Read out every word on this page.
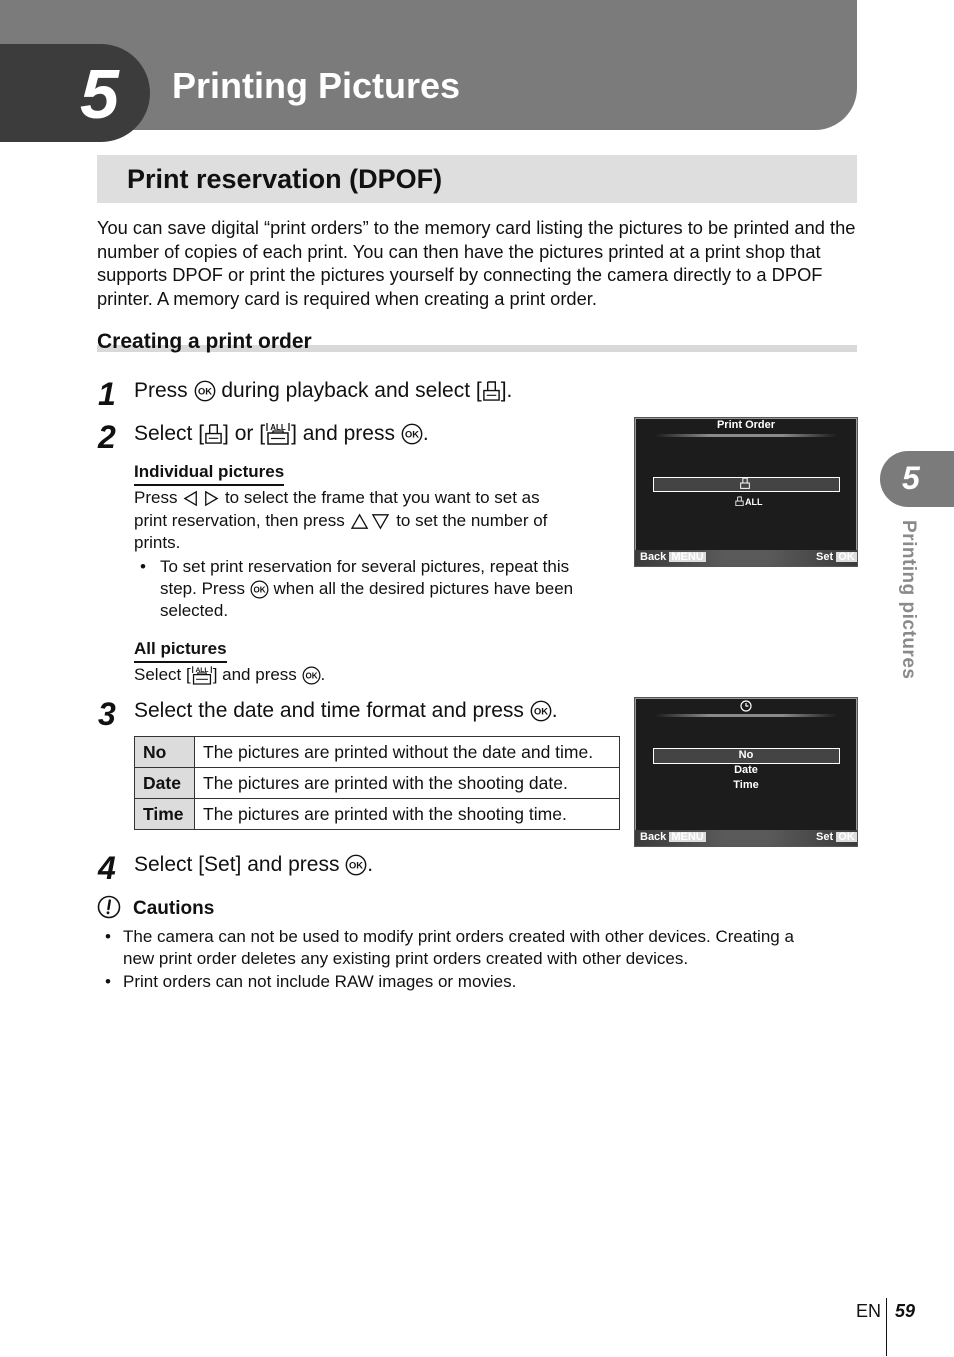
5 Printing Pictures
Print reservation (DPOF)
You can save digital “print orders” to the memory card listing the pictures to be printed and the number of copies of each print. You can then have the pictures printed at a print shop that supports DPOF or print the pictures yourself by connecting the camera directly to a DPOF printer. A memory card is required when creating a print order.
Creating a print order
1 Press during playback and select [ ].
2 Select [ ] or [ ] and press .
Individual pictures
Press	to select the frame that you want to set as
print reservation, then press	to set the number of
prints.
• To set print reservation for several pictures, repeat this
step. Press when all the desired pictures have been
selected.
All pictures
Select [ ] and press .
Print Order
ALL
Back MENU	Set OK
3 Select the date and time format and press .
No	The pictures are printed without the date and time.
Date	The pictures are printed with the shooting date.
Time	The pictures are printed with the shooting time.
No
Date
Time
Back MENU	Set OK
4 Select [Set] and press .
Cautions
• The camera can not be used to modify print orders created with other devices. Creating a
new print order deletes any existing print orders created with other devices.
• Print orders can not include RAW images or movies.
5
Printing pictures
EN 59
